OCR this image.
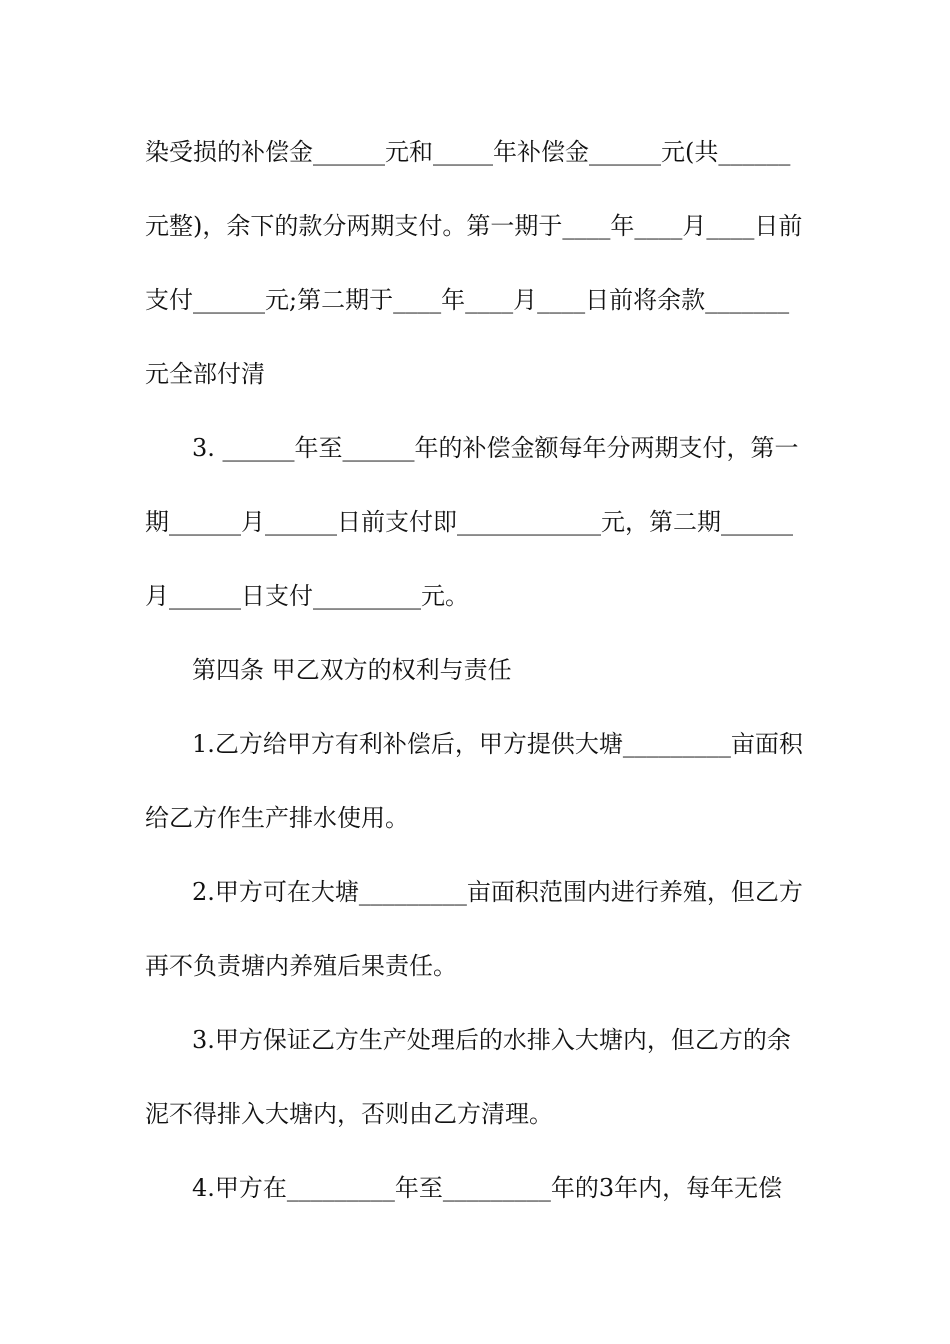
染受损的补偿金______元和_____年补偿金______元(共______
元整)，余下的款分两期支付。第一期于____年____月____日前
支付______元;第二期于____年____月____日前将余款_______
元全部付清
3. ______年至______年的补偿金额每年分两期支付，第一
期______月______日前支付即____________元，第二期______
月______日支付_________元。
第四条 甲乙双方的权利与责任
1.乙方给甲方有利补偿后，甲方提供大塘_________亩面积
给乙方作生产排水使用。
2.甲方可在大塘_________亩面积范围内进行养殖，但乙方
再不负责塘内养殖后果责任。
3.甲方保证乙方生产处理后的水排入大塘内，但乙方的余
泥不得排入大塘内，否则由乙方清理。
4.甲方在_________年至_________年的3年内，每年无偿
